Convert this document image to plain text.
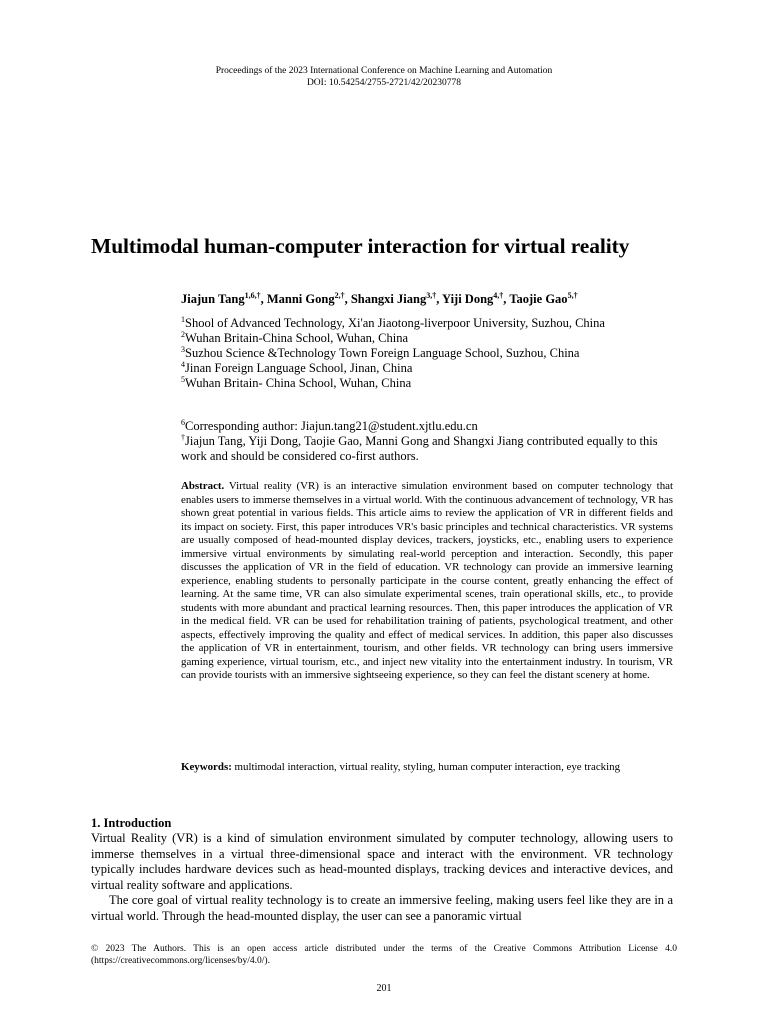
Proceedings of the 2023 International Conference on Machine Learning and Automation
DOI: 10.54254/2755-2721/42/20230778
Multimodal human-computer interaction for virtual reality
Jiajun Tang$^{1,6,\dagger}$, Manni Gong$^{2,\dagger}$, Shangxi Jiang$^{3,\dagger}$, Yiji Dong$^{4,\dagger}$, Taojie Gao$^{5,\dagger}$
$^1$Shool of Advanced Technology, Xi'an Jiaotong-liverpoor University, Suzhou, China
$^2$Wuhan Britain-China School, Wuhan, China
$^3$Suzhou Science &Technology Town Foreign Language School, Suzhou, China
$^4$Jinan Foreign Language School, Jinan, China
$^5$Wuhan Britain- China School, Wuhan, China
$^6$Corresponding author: Jiajun.tang21@student.xjtlu.edu.cn
†Jiajun Tang, Yiji Dong, Taojie Gao, Manni Gong and Shangxi Jiang contributed equally to this work and should be considered co-first authors.
Abstract. Virtual reality (VR) is an interactive simulation environment based on computer technology that enables users to immerse themselves in a virtual world. With the continuous advancement of technology, VR has shown great potential in various fields. This article aims to review the application of VR in different fields and its impact on society. First, this paper introduces VR's basic principles and technical characteristics. VR systems are usually composed of head-mounted display devices, trackers, joysticks, etc., enabling users to experience immersive virtual environments by simulating real-world perception and interaction. Secondly, this paper discusses the application of VR in the field of education. VR technology can provide an immersive learning experience, enabling students to personally participate in the course content, greatly enhancing the effect of learning. At the same time, VR can also simulate experimental scenes, train operational skills, etc., to provide students with more abundant and practical learning resources. Then, this paper introduces the application of VR in the medical field. VR can be used for rehabilitation training of patients, psychological treatment, and other aspects, effectively improving the quality and effect of medical services. In addition, this paper also discusses the application of VR in entertainment, tourism, and other fields. VR technology can bring users immersive gaming experience, virtual tourism, etc., and inject new vitality into the entertainment industry. In tourism, VR can provide tourists with an immersive sightseeing experience, so they can feel the distant scenery at home.
Keywords: multimodal interaction, virtual reality, styling, human computer interaction, eye tracking
1. Introduction

Virtual Reality (VR) is a kind of simulation environment simulated by computer technology, allowing users to immerse themselves in a virtual three-dimensional space and interact with the environment. VR technology typically includes hardware devices such as head-mounted displays, tracking devices and interactive devices, and virtual reality software and applications.

The core goal of virtual reality technology is to create an immersive feeling, making users feel like they are in a virtual world. Through the head-mounted display, the user can see a panoramic virtual

© 2023 The Authors. This is an open access article distributed under the terms of the Creative Commons Attribution License 4.0 (https://creativecommons.org/licenses/by/4.0/).
201
